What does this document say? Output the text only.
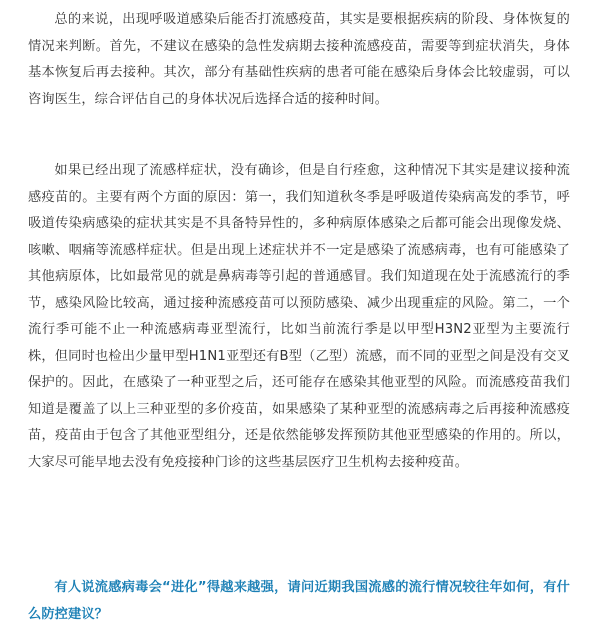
总的来说，出现呼吸道感染后能否打流感疫苗，其实是要根据疾病的阶段、身体恢复的情况来判断。首先，不建议在感染的急性发病期去接种流感疫苗，需要等到症状消失，身体基本恢复后再去接种。其次，部分有基础性疾病的患者可能在感染后身体会比较虚弱，可以咨询医生，综合评估自己的身体状况后选择合适的接种时间。

如果已经出现了流感样症状，没有确诊，但是自行痊愈，这种情况下其实是建议接种流感疫苗的。主要有两个方面的原因：第一，我们知道秋冬季是呼吸道传染病高发的季节，呼吸道传染病感染的症状其实是不具备特异性的，多种病原体感染之后都可能会出现像发烧、咳嗽、咽痛等流感样症状。但是出现上述症状并不一定是感染了流感病毒，也有可能感染了其他病原体，比如最常见的就是鼻病毒等引起的普通感冒。我们知道现在处于流感流行的季节，感染风险比较高，通过接种流感疫苗可以预防感染、减少出现重症的风险。第二，一个流行季可能不止一种流感病毒亚型流行，比如当前流行季是以甲型H3N2亚型为主要流行株，但同时也检出少量甲型H1N1亚型还有B型（乙型）流感，而不同的亚型之间是没有交叉保护的。因此，在感染了一种亚型之后，还可能存在感染其他亚型的风险。而流感疫苗我们知道是覆盖了以上三种亚型的多价疫苗，如果感染了某种亚型的流感病毒之后再接种流感疫苗，疫苗由于包含了其他亚型组分，还是依然能够发挥预防其他亚型感染的作用的。所以，大家尽可能早地去没有免疫接种门诊的这些基层医疗卫生机构去接种疫苗。

有人说流感病毒会“进化”得越来越强，请问近期我国流感的流行情况较往年如何，有什么防控建议？
